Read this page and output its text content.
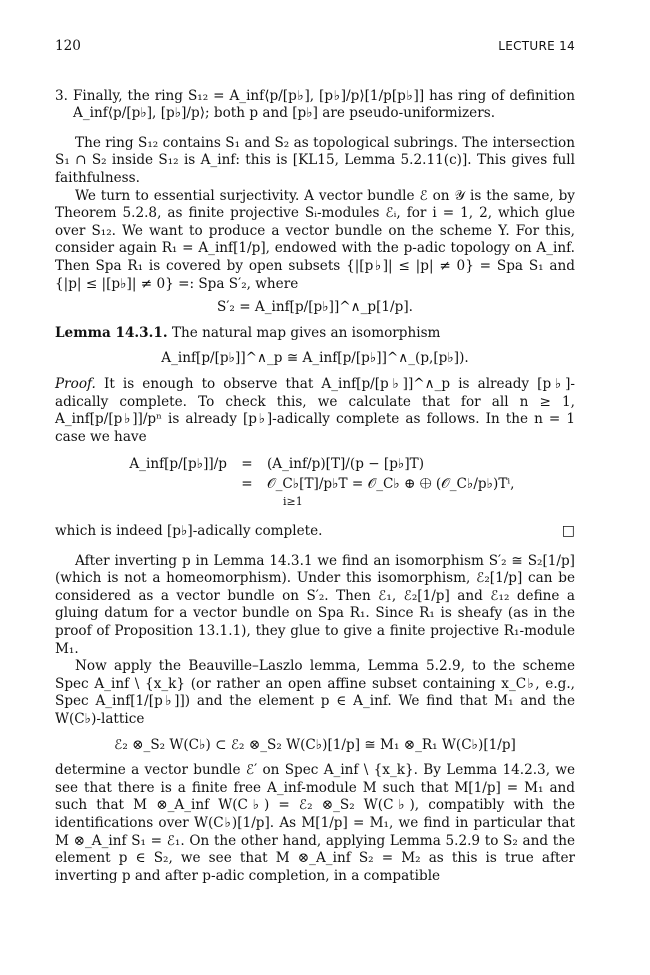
120	LECTURE 14
3. Finally, the ring S₁₂ = A_inf⟨p/[p♭], [p♭]/p⟩[1/p[p♭]] has ring of definition A_inf⟨p/[p♭], [p♭]/p⟩; both p and [p♭] are pseudo-uniformizers.

The ring S₁₂ contains S₁ and S₂ as topological subrings. The intersection S₁ ∩ S₂ inside S₁₂ is A_inf: this is [KL15, Lemma 5.2.11(c)]. This gives full faithfulness.

We turn to essential surjectivity. A vector bundle ℰ on 𝒴 is the same, by Theorem 5.2.8, as finite projective Sᵢ-modules ℰᵢ, for i = 1, 2, which glue over S₁₂. We want to produce a vector bundle on the scheme Y. For this, consider again R₁ = A_inf[1/p], endowed with the p-adic topology on A_inf. Then Spa R₁ is covered by open subsets {|[p♭]| ≤ |p| ≠ 0} = Spa S₁ and {|p| ≤ |[p♭]| ≠ 0} =: Spa S′₂, where

S′₂ = A_inf[p/[p♭]]^∧_p[1/p].

Lemma 14.3.1. The natural map gives an isomorphism

A_inf[p/[p♭]]^∧_p ≅ A_inf[p/[p♭]]^∧_(p,[p♭]).

Proof. It is enough to observe that A_inf[p/[p♭]]^∧_p is already [p♭]-adically complete. To check this, we calculate that for all n ≥ 1, A_inf[p/[p♭]]/pⁿ is already [p♭]-adically complete as follows. In the n = 1 case we have

A_inf[p/[p♭]]/p	=	(A_inf/p)[T]/(p − [p♭]T)
=	𝒪_C♭[T]/p♭T = 𝒪_C♭ ⊕ ⨁ (𝒪_C♭/p♭)Tⁱ,
i≥1

which is indeed [p♭]-adically complete.	□

After inverting p in Lemma 14.3.1 we find an isomorphism S′₂ ≅ S₂[1/p] (which is not a homeomorphism). Under this isomorphism, ℰ₂[1/p] can be considered as a vector bundle on S′₂. Then ℰ₁, ℰ₂[1/p] and ℰ₁₂ define a gluing datum for a vector bundle on Spa R₁. Since R₁ is sheafy (as in the proof of Proposition 13.1.1), they glue to give a finite projective R₁-module M₁.

Now apply the Beauville–Laszlo lemma, Lemma 5.2.9, to the scheme Spec A_inf \ {x_k} (or rather an open affine subset containing x_C♭, e.g., Spec A_inf[1/[p♭]]) and the element p ∈ A_inf. We find that M₁ and the W(C♭)-lattice

ℰ₂ ⊗_S₂ W(C♭) ⊂ ℰ₂ ⊗_S₂ W(C♭)[1/p] ≅ M₁ ⊗_R₁ W(C♭)[1/p]

determine a vector bundle ℰ′ on Spec A_inf \ {x_k}. By Lemma 14.2.3, we see that there is a finite free A_inf-module M such that M[1/p] = M₁ and such that M ⊗_A_inf W(C♭) = ℰ₂ ⊗_S₂ W(C♭), compatibly with the identifications over W(C♭)[1/p]. As M[1/p] = M₁, we find in particular that M ⊗_A_inf S₁ = ℰ₁. On the other hand, applying Lemma 5.2.9 to S₂ and the element p ∈ S₂, we see that M ⊗_A_inf S₂ = M₂ as this is true after inverting p and after p-adic completion, in a compatible
